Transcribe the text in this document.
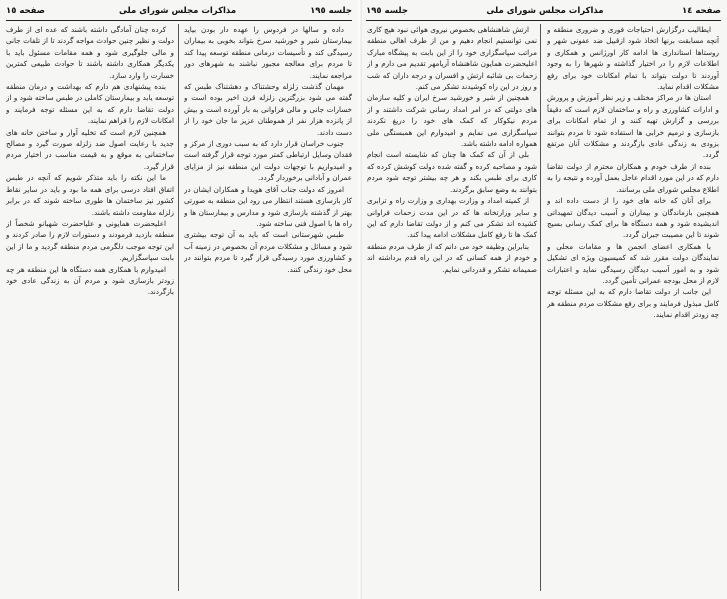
صفحه ١٤
مذاکرات مجلس شورای ملی
جلسه ١٩٥

ایطالیب درگزارش احتیاجات فوری و ضروری منطقه و آنچه مسابقت برنها اتخاذ شود ازقبیل ضد عفونی شهر و روستاها استانداری ها ادامه کار اورژانس و همکاری و اطلاعات لازم را در اختیار گذاشته و شهرها را به وجود آوردند تا دولت بتواند با تمام امکانات خود برای رفع مشکلات اقدام نماید.

استان ها در مراکز مختلف و زیر نظر آموزش و پرورش و ادارات کشاورزی و راه و ساختمان لازم است که دقیقاً بررسی و گزارش تهیه کنند و از تمام امکانات برای بازسازی و ترمیم خرابی ها استفاده شود تا مردم بتوانند بزودی به زندگی عادی بازگردند و مشکلات آنان مرتفع گردد.

بنده از طرف خودم و همکاران محترم از دولت تقاضا دارم که در این مورد اقدام عاجل بعمل آورده و نتیجه را به اطلاع مجلس شورای ملی برسانند.

برای آنان که خانه های خود را از دست داده اند و همچنین بازماندگان و بیماران و آسیب دیدگان تمهیداتی اندیشیده شود و همه دستگاه ها برای کمک رسانی بسیج شوند تا این مصیبت جبران گردد.

با همکاری اعضای انجمن ها و مقامات محلی و نمایندگان دولت مقرر شد که کمیسیون ویژه ای تشکیل شود و به امور آسیب دیدگان رسیدگی نماید و اعتبارات لازم از محل بودجه عمرانی تأمین گردد.

این جانب از دولت تقاضا دارم که به این مسئله توجه کامل مبذول فرمایند و برای رفع مشکلات مردم منطقه هر چه زودتر اقدام نمایند.

ارتش شاهنشاهی بخصوص نیروی هوائی نبود هیچ کاری نمی توانستیم انجام دهیم و من از طرف اهالی منطقه مراتب سپاسگزاری خود را از این بابت به پیشگاه مبارک اعلیحضرت همایون شاهنشاه آریامهر تقدیم می دارم و از زحمات بی شائبه ارتش و افسران و درجه داران که شب و روز در این راه کوشیدند تشکر می کنم.

همچنین از شیر و خورشید سرخ ایران و کلیه سازمان های دولتی که در امر امداد رسانی شرکت داشتند و از مردم نیکوکار که کمک های خود را دریغ نکردند سپاسگزاری می نمایم و امیدوارم این همبستگی ملی همواره ادامه داشته باشد.

بلی از آن که کمک ها چنان که شایسته است انجام شود و مصاحبه کرده و گفته شده دولت کوشش کرده که کاری برای طبس بکند و هر چه بیشتر توجه شود مردم بتوانند به وضع سابق برگردند.

از کمیته امداد و وزارت بهداری و وزارت راه و ترابری و سایر وزارتخانه ها که در این مدت زحمات فراوانی کشیده اند تشکر می کنم و از دولت تقاضا دارم که این کمک ها تا رفع کامل مشکلات ادامه پیدا کند.

بنابراین وظیفه خود می دانم که از طرف مردم منطقه و خودم از همه کسانی که در این راه قدم برداشته اند صمیمانه تشکر و قدردانی نمایم.

جلسه ١٩٥
مذاکرات مجلس شورای ملی
صفحه ١٥

داده و سالها در فردوس را عهده دار بودن بیاید بیمارستان شیر و خورشید سرخ بتواند بخوبی به بیماران رسیدگی کند و تأسیسات درمانی منطقه توسعه پیدا کند تا مردم برای معالجه مجبور نباشند به شهرهای دور مراجعه نمایند.

مهمان گذشت زلزله وحشتناک و دهشتناک طبس که گفته می شود بزرگترین زلزله قرن اخیر بوده است و خسارات جانی و مالی فراوانی به بار آورده است و بیش از پانزده هزار نفر از هموطنان عزیز ما جان خود را از دست دادند.

جنوب خراسان قرار دارد که به سبب دوری از مرکز و فقدان وسایل ارتباطی کمتر مورد توجه قرار گرفته است و امیدواریم با توجهات دولت این منطقه نیز از مزایای عمران و آبادانی برخوردار گردد.

امروز که دولت جناب آقای هویدا و همکاران ایشان در کار بازسازی هستند انتظار می رود این منطقه به صورتی بهتر از گذشته بازسازی شود و مدارس و بیمارستان ها و راه ها با اصول فنی ساخته شود.

طبس شهرستانی است که باید به آن توجه بیشتری شود و مسائل و مشکلات مردم آن بخصوص در زمینه آب و کشاورزی مورد رسیدگی قرار گیرد تا مردم بتوانند در محل خود زندگی کنند.

کرده چنان آمادگی داشته باشند که عده ای از طرف دولت و نظیر چنین حوادث مواجه گردند تا از تلفات جانی و مالی جلوگیری شود و همه مقامات مسئول باید با یکدیگر همکاری داشته باشند تا حوادث طبیعی کمترین خسارت را وارد سازد.

بنده پیشنهادی هم دارم که بهداشت و درمان منطقه توسعه یابد و بیمارستان کاملی در طبس ساخته شود و از دولت تقاضا دارم که به این مسئله توجه فرمایند و امکانات لازم را فراهم نمایند.

همچنین لازم است که تخلیه آوار و ساختن خانه های جدید با رعایت اصول ضد زلزله صورت گیرد و مصالح ساختمانی به موقع و به قیمت مناسب در اختیار مردم قرار گیرد.

ما این نکته را باید متذکر شویم که آنچه در طبس اتفاق افتاد درسی برای همه ما بود و باید در سایر نقاط کشور نیز ساختمان ها طوری ساخته شوند که در برابر زلزله مقاومت داشته باشند.

اعلیحضرت همایونی و علیاحضرت شهبانو شخصاً از منطقه بازدید فرمودند و دستورات لازم را صادر کردند و این توجه موجب دلگرمی مردم منطقه گردید و ما از این بابت سپاسگزاریم.

امیدوارم با همکاری همه دستگاه ها این منطقه هر چه زودتر بازسازی شود و مردم آن به زندگی عادی خود بازگردند.
